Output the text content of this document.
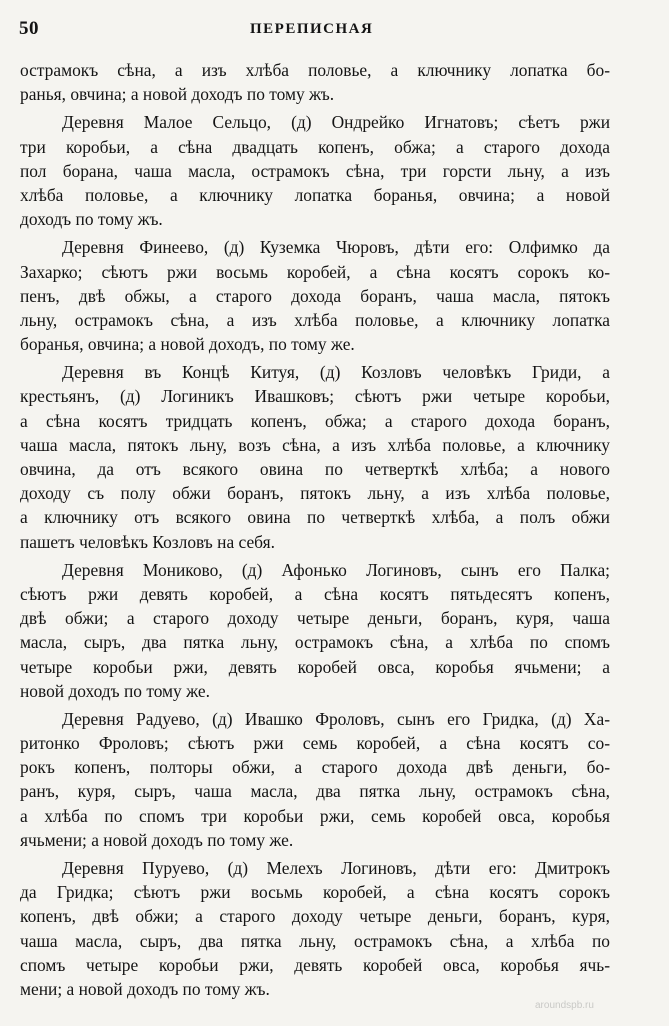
50	ПЕРЕПИСНАЯ
острамокъ сѣна, а изъ хлѣба половье, а ключнику лопатка бо-
ранья, овчина; а новой доходъ по тому жъ.
Деревня Малое Сельцо, (д) Ондрейко Игнатовъ; сѣетъ ржи
три коробьи, а сѣна двадцать копенъ, обжа; а старого дохода
пол борана, чаша масла, острамокъ сѣна, три горсти льну, а изъ
хлѣба половье, а ключнику лопатка боранья, овчина; а новой
доходъ по тому жъ.
Деревня Финеево, (д) Куземка Чюровъ, дѣти его: Олфимко да
Захарко; сѣютъ ржи восьмь коробей, а сѣна косятъ сорокъ ко-
пенъ, двѣ обжы, а старого дохода боранъ, чаша масла, пятокъ
льну, острамокъ сѣна, а изъ хлѣба половье, а ключнику лопатка
боранья, овчина; а новой доходъ, по тому же.
Деревня въ Концѣ Китуя, (д) Козловъ человѣкъ Гриди, а
крестьянъ, (д) Логиникъ Ивашковъ; сѣютъ ржи четыре коробьи,
а сѣна косятъ тридцать копенъ, обжа; а старого дохода боранъ,
чаша масла, пятокъ льну, возъ сѣна, а изъ хлѣба половье, а ключнику
овчина, да отъ всякого овина по четверткѣ хлѣба; а нового
доходу съ полу обжи боранъ, пятокъ льну, а изъ хлѣба половье,
а ключнику отъ всякого овина по четверткѣ хлѣба, а полъ обжи
пашетъ человѣкъ Козловъ на себя.
Деревня Мониково, (д) Афонько Логиновъ, сынъ его Палка;
сѣютъ ржи девять коробей, а сѣна косятъ пятьдесятъ копенъ,
двѣ обжи; а старого доходу четыре деньги, боранъ, куря, чаша
масла, сыръ, два пятка льну, острамокъ сѣна, а хлѣба по спомъ
четыре коробьи ржи, девять коробей овса, коробья ячьмени; а
новой доходъ по тому же.
Деревня Радуево, (д) Ивашко Фроловъ, сынъ его Гридка, (д) Ха-
ритонко Фроловъ; сѣютъ ржи семь коробей, а сѣна косятъ со-
рокъ копенъ, полторы обжи, а старого дохода двѣ деньги, бо-
ранъ, куря, сыръ, чаша масла, два пятка льну, острамокъ сѣна,
а хлѣба по спомъ три коробьи ржи, семь коробей овса, коробья
ячьмени; а новой доходъ по тому же.
Деревня Пуруево, (д) Мелехъ Логиновъ, дѣти его: Дмитрокъ
да Гридка; сѣютъ ржи восьмь коробей, а сѣна косятъ сорокъ
копенъ, двѣ обжи; а старого доходу четыре деньги, боранъ, куря,
чаша масла, сыръ, два пятка льну, острамокъ сѣна, а хлѣба по
спомъ четыре коробьи ржи, девять коробей овса, коробья ячь-
мени; а новой доходъ по тому жъ.
aroundspb.ru
